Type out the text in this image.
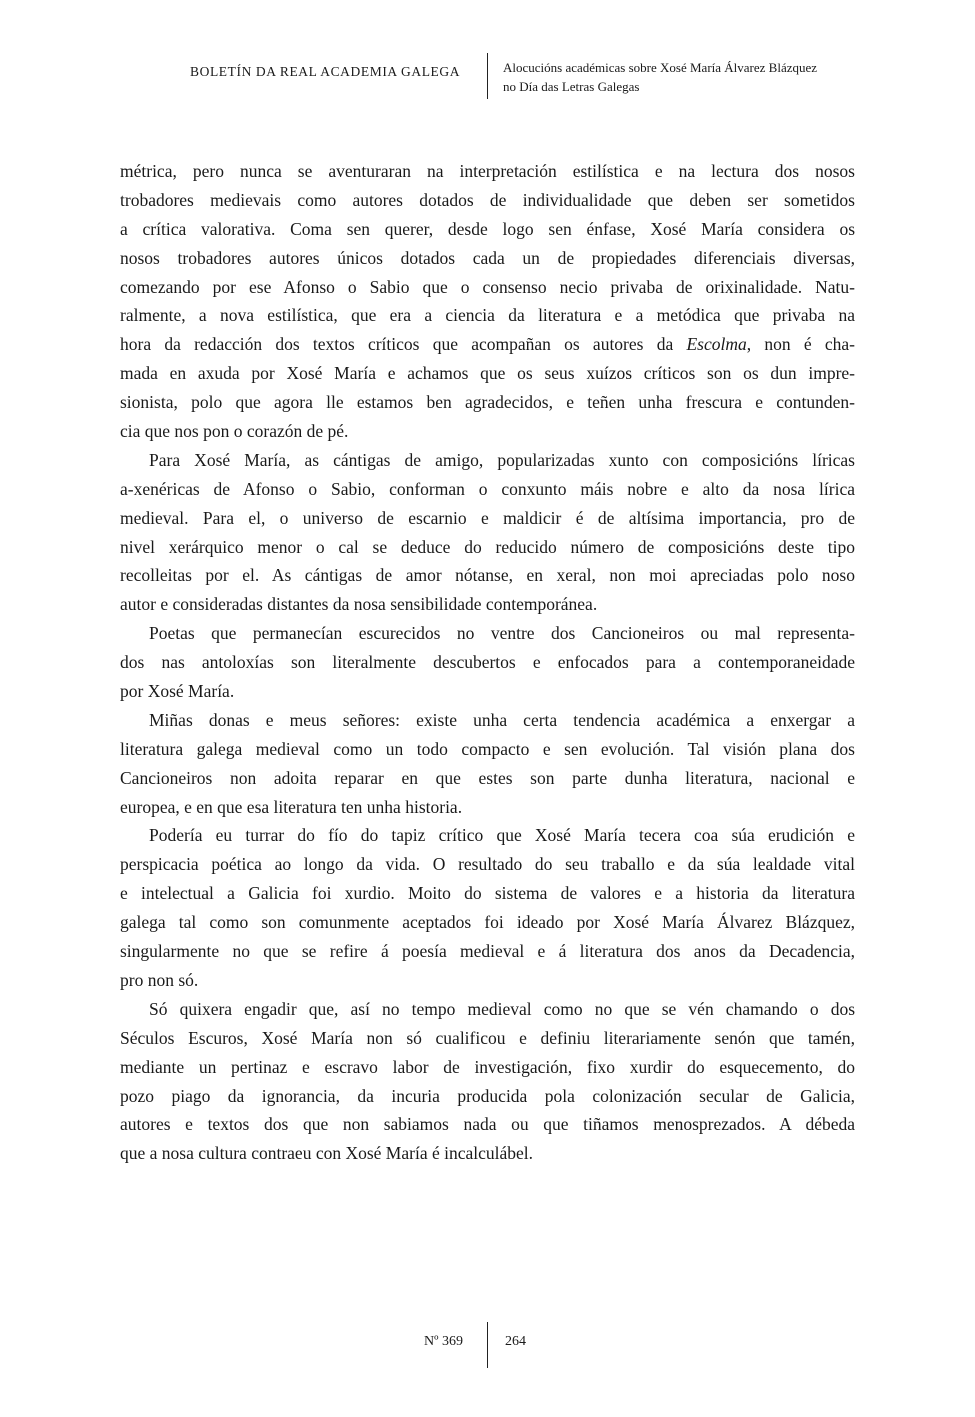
BOLETÍN DA REAL ACADEMIA GALEGA	Alocucións académicas sobre Xosé María Álvarez Blázquez
no Día das Letras Galegas
métrica, pero nunca se aventuraran na interpretación estilística e na lectura dos nosos
trobadores medievais como autores dotados de individualidade que deben ser sometidos
a crítica valorativa. Coma sen querer, desde logo sen énfase, Xosé María considera os
nosos trobadores autores únicos dotados cada un de propiedades diferenciais diversas,
comezando por ese Afonso o Sabio que o consenso necio privaba de orixinalidade. Natu-
ralmente, a nova estilística, que era a ciencia da literatura e a metódica que privaba na
hora da redacción dos textos críticos que acompañan os autores da Escolma, non é cha-
mada en axuda por Xosé María e achamos que os seus xuízos críticos son os dun impre-
sionista, polo que agora lle estamos ben agradecidos, e teñen unha frescura e contunden-
cia que nos pon o corazón de pé.
Para Xosé María, as cántigas de amigo, popularizadas xunto con composicións líricas
a-xenéricas de Afonso o Sabio, conforman o conxunto máis nobre e alto da nosa lírica
medieval. Para el, o universo de escarnio e maldicir é de altísima importancia, pro de
nivel xerárquico menor o cal se deduce do reducido número de composicións deste tipo
recolleitas por el. As cántigas de amor nótanse, en xeral, non moi apreciadas polo noso
autor e consideradas distantes da nosa sensibilidade contemporánea.
Poetas que permanecían escurecidos no ventre dos Cancioneiros ou mal representa-
dos nas antoloxías son literalmente descubertos e enfocados para a contemporaneidade
por Xosé María.
Miñas donas e meus señores: existe unha certa tendencia académica a enxergar a
literatura galega medieval como un todo compacto e sen evolución. Tal visión plana dos
Cancioneiros non adoita reparar en que estes son parte dunha literatura, nacional e
europea, e en que esa literatura ten unha historia.
Podería eu turrar do fío do tapiz crítico que Xosé María tecera coa súa erudición e
perspicacia poética ao longo da vida. O resultado do seu traballo e da súa lealdade vital
e intelectual a Galicia foi xurdio. Moito do sistema de valores e a historia da literatura
galega tal como son comunmente aceptados foi ideado por Xosé María Álvarez Blázquez,
singularmente no que se refire á poesía medieval e á literatura dos anos da Decadencia,
pro non só.
Só quixera engadir que, así no tempo medieval como no que se vén chamando o dos
Séculos Escuros, Xosé María non só cualificou e definiu literariamente senón que tamén,
mediante un pertinaz e escravo labor de investigación, fixo xurdir do esquecemento, do
pozo piago da ignorancia, da incuria producida pola colonización secular de Galicia,
autores e textos dos que non sabiamos nada ou que tiñamos menosprezados. A débeda
que a nosa cultura contraeu con Xosé María é incalculábel.
Nº 369	264
